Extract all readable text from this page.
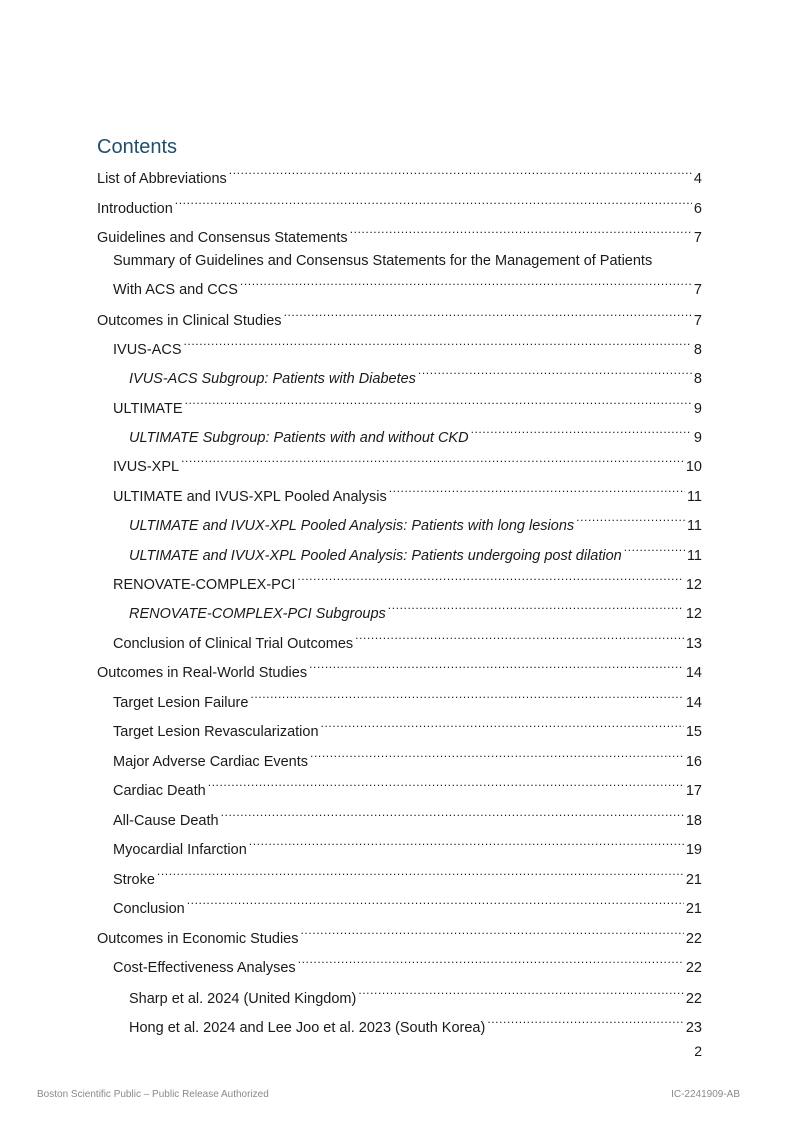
Contents
List of Abbreviations .....	4
Introduction .....	6
Guidelines and Consensus Statements .....	7
Summary of Guidelines and Consensus Statements for the Management of Patients
With ACS and CCS .....	7
Outcomes in Clinical Studies .....	7
IVUS-ACS .....	8
IVUS-ACS Subgroup: Patients with Diabetes .....	8
ULTIMATE .....	9
ULTIMATE Subgroup: Patients with and without CKD .....	9
IVUS-XPL .....	10
ULTIMATE and IVUS-XPL Pooled Analysis .....	11
ULTIMATE and IVUX-XPL Pooled Analysis: Patients with long lesions .....	11
ULTIMATE and IVUX-XPL Pooled Analysis: Patients undergoing post dilation .....	11
RENOVATE-COMPLEX-PCI .....	12
RENOVATE-COMPLEX-PCI Subgroups .....	12
Conclusion of Clinical Trial Outcomes .....	13
Outcomes in Real-World Studies .....	14
Target Lesion Failure .....	14
Target Lesion Revascularization .....	15
Major Adverse Cardiac Events .....	16
Cardiac Death .....	17
All-Cause Death .....	18
Myocardial Infarction .....	19
Stroke .....	21
Conclusion .....	21
Outcomes in Economic Studies .....	22
Cost-Effectiveness Analyses .....	22
Sharp et al. 2024 (United Kingdom) .....	22
Hong et al. 2024 and Lee Joo et al. 2023 (South Korea) .....	23
2
Boston Scientific Public – Public Release Authorized	IC-2241909-AB
